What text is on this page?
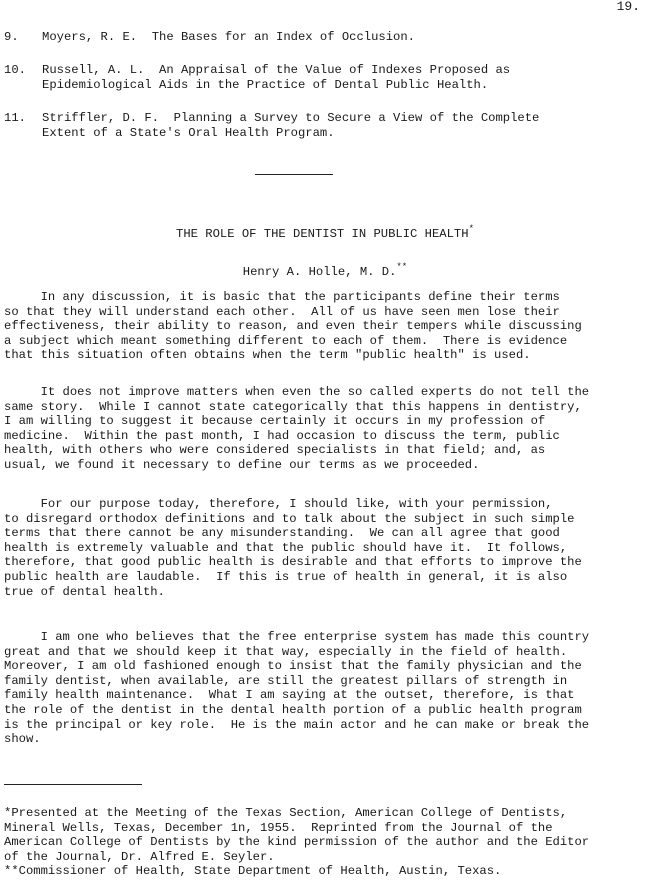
19.
9. Moyers, R. E.  The Bases for an Index of Occlusion.
10. Russell, A. L.  An Appraisal of the Value of Indexes Proposed as
Epidemiological Aids in the Practice of Dental Public Health.
11. Striffler, D. F.  Planning a Survey to Secure a View of the Complete
Extent of a State's Oral Health Program.
THE ROLE OF THE DENTIST IN PUBLIC HEALTH*
Henry A. Holle, M. D.**
In any discussion, it is basic that the participants define their terms
so that they will understand each other.  All of us have seen men lose their
effectiveness, their ability to reason, and even their tempers while discussing
a subject which meant something different to each of them.  There is evidence
that this situation often obtains when the term "public health" is used.
It does not improve matters when even the so called experts do not tell the
same story.  While I cannot state categorically that this happens in dentistry,
I am willing to suggest it because certainly it occurs in my profession of
medicine.  Within the past month, I had occasion to discuss the term, public
health, with others who were considered specialists in that field; and, as
usual, we found it necessary to define our terms as we proceeded.
For our purpose today, therefore, I should like, with your permission,
to disregard orthodox definitions and to talk about the subject in such simple
terms that there cannot be any misunderstanding.  We can all agree that good
health is extremely valuable and that the public should have it.  It follows,
therefore, that good public health is desirable and that efforts to improve the
public health are laudable.  If this is true of health in general, it is also
true of dental health.
I am one who believes that the free enterprise system has made this country
great and that we should keep it that way, especially in the field of health.
Moreover, I am old fashioned enough to insist that the family physician and the
family dentist, when available, are still the greatest pillars of strength in
family health maintenance.  What I am saying at the outset, therefore, is that
the role of the dentist in the dental health portion of a public health program
is the principal or key role.  He is the main actor and he can make or break the
show.
*Presented at the Meeting of the Texas Section, American College of Dentists,
Mineral Wells, Texas, December 1n, 1955.  Reprinted from the Journal of the
American College of Dentists by the kind permission of the author and the Editor
of the Journal, Dr. Alfred E. Seyler.
**Commissioner of Health, State Department of Health, Austin, Texas.
